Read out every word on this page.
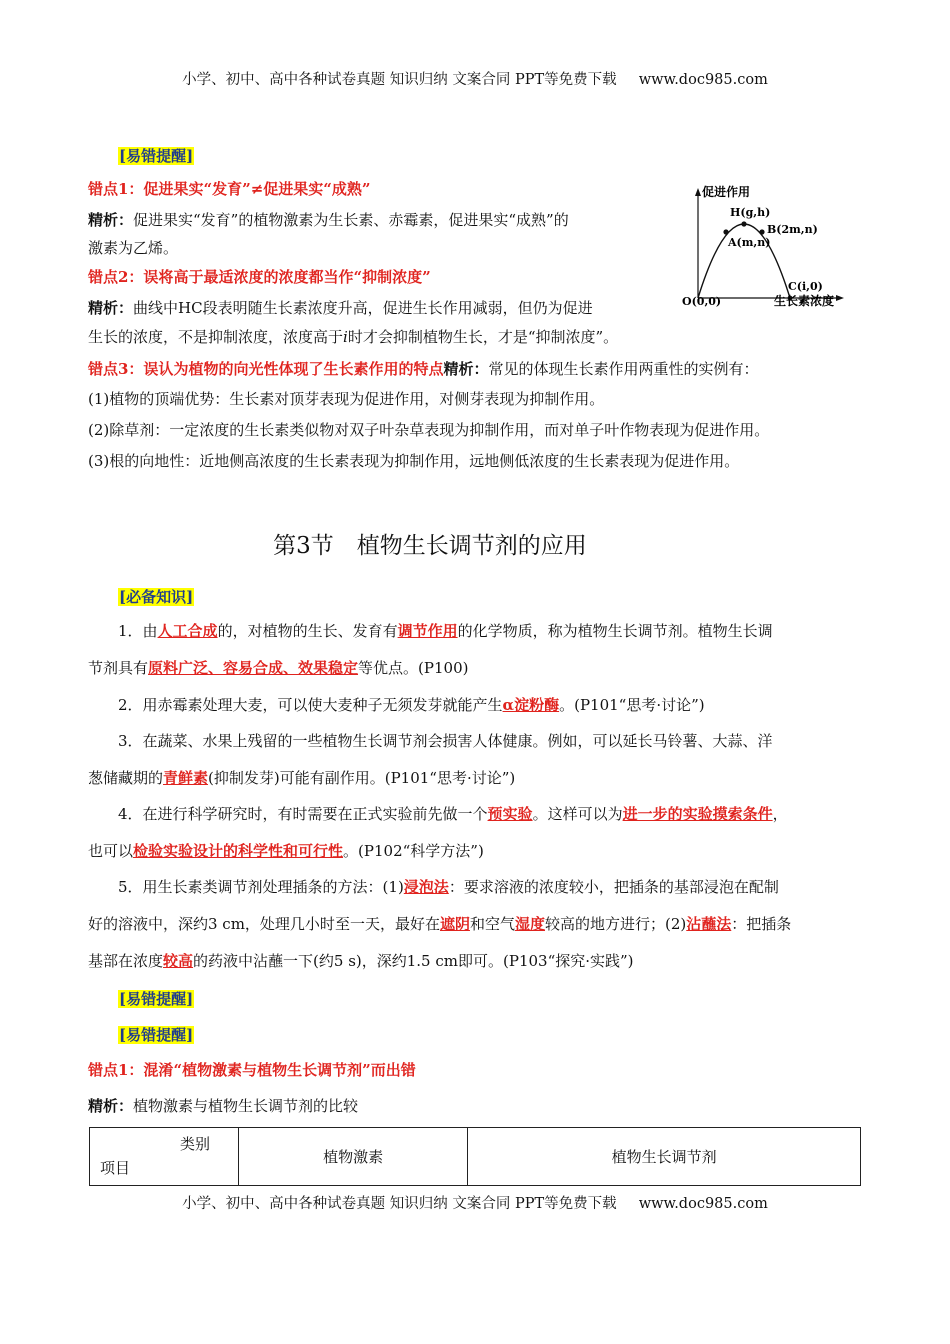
小学、初中、高中各种试卷真题 知识归纳 文案合同 PPT等免费下载 www.doc985.com
[易错提醒]
错点1：促进果实“发育”≠促进果实“成熟”
精析：促进果实“发育”的植物激素为生长素、赤霉素，促进果实“成熟”的
激素为乙烯。
错点2：误将高于最适浓度的浓度都当作“抑制浓度”
精析：曲线中HC段表明随生长素浓度升高，促进生长作用减弱，但仍为促进
生长的浓度，不是抑制浓度，浓度高于i时才会抑制植物生长，才是“抑制浓度”。
错点3：误认为植物的向光性体现了生长素作用的特点精析：常见的体现生长素作用两重性的实例有：
(1)植物的顶端优势：生长素对顶芽表现为促进作用，对侧芽表现为抑制作用。
(2)除草剂：一定浓度的生长素类似物对双子叶杂草表现为抑制作用，而对单子叶作物表现为促进作用。
(3)根的向地性：近地侧高浓度的生长素表现为抑制作用，远地侧低浓度的生长素表现为促进作用。
促进作用
H(g,h)
A(m,n)
B(2m,n)
C(i,0)
O(0,0)	生长素浓度
第3节　植物生长调节剂的应用
[必备知识]
1．由人工合成的，对植物的生长、发育有调节作用的化学物质，称为植物生长调节剂。植物生长调
节剂具有原料广泛、容易合成、效果稳定等优点。(P100)
2．用赤霉素处理大麦，可以使大麦种子无须发芽就能产生α淀粉酶。(P101“思考·讨论”)
3．在蔬菜、水果上残留的一些植物生长调节剂会损害人体健康。例如，可以延长马铃薯、大蒜、洋
葱储藏期的青鲜素(抑制发芽)可能有副作用。(P101“思考·讨论”)
4．在进行科学研究时，有时需要在正式实验前先做一个预实验。这样可以为进一步的实验摸索条件，
也可以检验实验设计的科学性和可行性。(P102“科学方法”)
5．用生长素类调节剂处理插条的方法：(1)浸泡法：要求溶液的浓度较小，把插条的基部浸泡在配制
好的溶液中，深约3 cm，处理几小时至一天，最好在遮阴和空气湿度较高的地方进行；(2)沾蘸法：把插条
基部在浓度较高的药液中沾蘸一下(约5 s)，深约1.5 cm即可。(P103“探究·实践”)
[易错提醒]
[易错提醒]
错点1：混淆“植物激素与植物生长调节剂”而出错
精析：植物激素与植物生长调节剂的比较
类别
项目
	植物激素	植物生长调节剂
小学、初中、高中各种试卷真题 知识归纳 文案合同 PPT等免费下载 www.doc985.com
